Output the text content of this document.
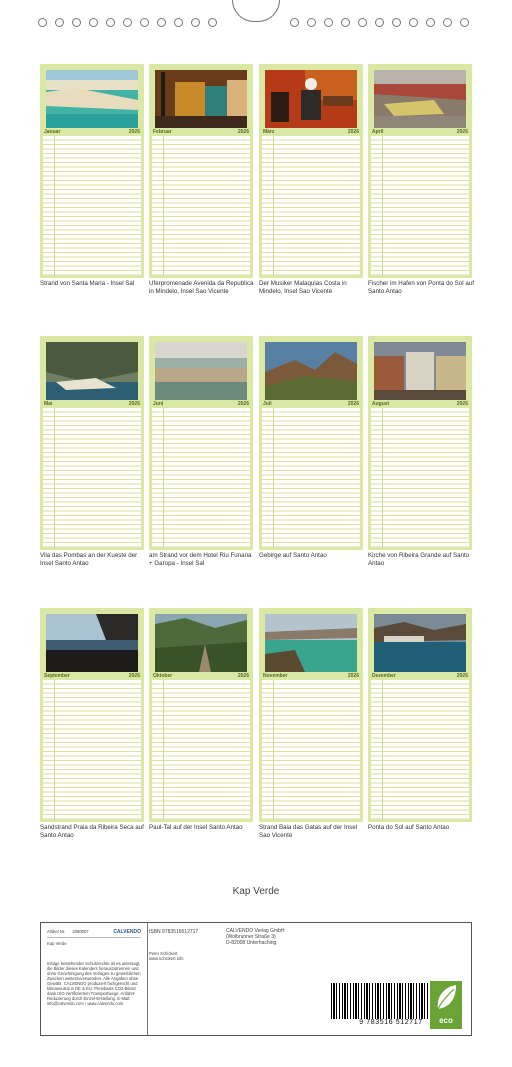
Januar	2026
Strand von Santa Maria - Insel Sal
Februar	2026
Uferpromenade Avenida da Republica in Mindelo, Insel Sao Vicente
März	2026
Der Musiker Malaquias Costa in Mindelo, Insel Sao Vicente
April	2026
Fischer im Hafen von Ponta do Sol auf Santo Antao
Mai	2026
Vila das Pombas an der Kueste der Insel Santo Antao
Juni	2026
am Strand vor dem Hotel Riu Funana + Garopa - Insel Sal
Juli	2026
Gebirge auf Santo Antao
August	2026
Kirche von Ribeira Grande auf Santo Antao
September	2026
Sandstrand Praia da Ribeira Seca auf Santo Antao
Oktober	2026
Paul-Tal auf der Insel Santo Antao
November	2026
Strand Baia das Gatas auf der Insel Sao Vicente
Dezember	2026
Ponta do Sol auf Santo Antao
Kap Verde
Artikel Nr. 2060007	CALVENDO
Kap Verde
Infolge bestehender Schutzrechte ist es untersagt, die Bilder dieses Kalenders herauszutrennen und ohne Genehmigung des Verlages zu gewerblichen Zwecken weiterzuverwenden. Alle Angaben ohne Gewähr. CALVENDO produziert fachgerecht und klimaneutral in DE & EU. Preisbasis CO2-Bilanz dank ISO-zertifiziertem Transportwege. Anfahrt-Reduzierung durch Einzel-Erstellung. E-Mail: info@calvendo.com / www.calvendo.com
ISBN 9783516512717
Peter Schickert
www.schickert.info
CALVENDO Verlag GmbH
(Wolbrunner Straße 3)
D-82008 Unterhaching
9 783516 512717	eco
